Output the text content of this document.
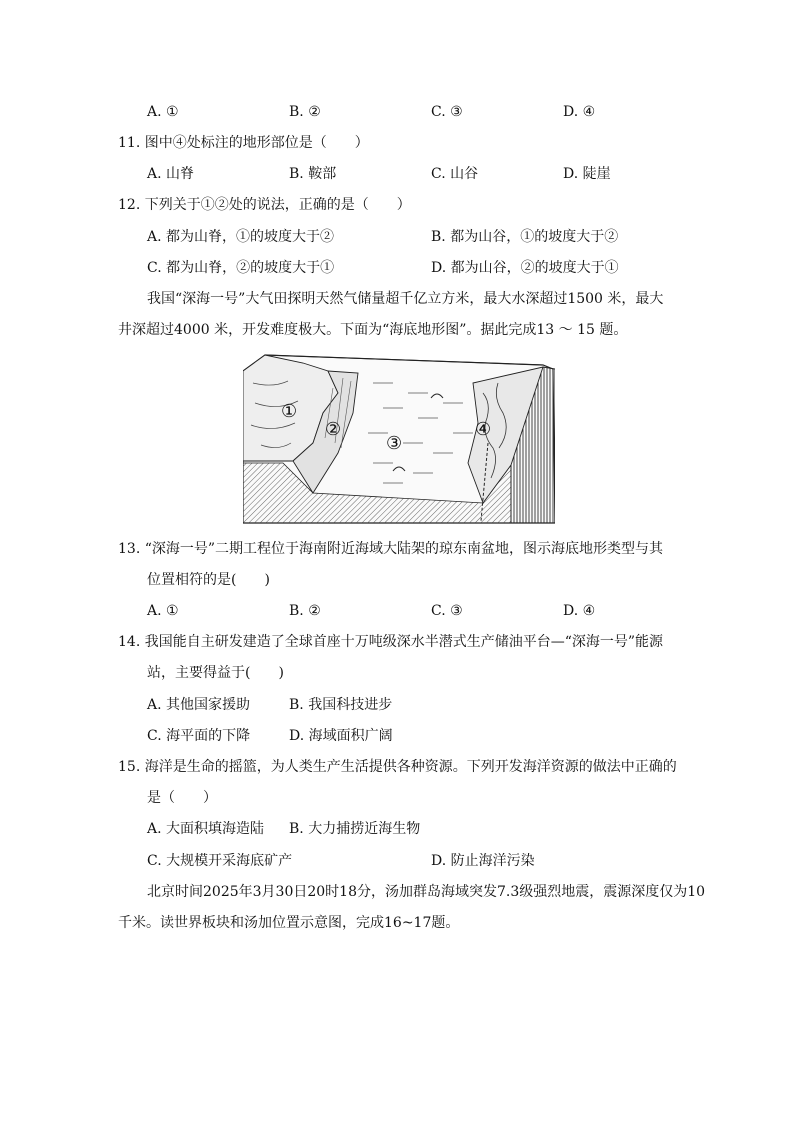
A. ①	B. ②	C. ③	D. ④
11. 图中④处标注的地形部位是（　　）
A. 山脊	B. 鞍部	C. 山谷	D. 陡崖
12. 下列关于①②处的说法，正确的是（　　）
A. 都为山脊，①的坡度大于②	B. 都为山谷，①的坡度大于②
C. 都为山脊，②的坡度大于①	D. 都为山谷，②的坡度大于①
我国“深海一号”大气田探明天然气储量超千亿立方米，最大水深超过1500 米，最大
井深超过4000 米，开发难度极大。下面为“海底地形图”。据此完成13 ～ 15 题。
①
②
③
④
13. “深海一号”二期工程位于海南附近海域大陆架的琼东南盆地，图示海底地形类型与其
位置相符的是(　　)
A. ①	B. ②	C. ③	D. ④
14. 我国能自主研发建造了全球首座十万吨级深水半潜式生产储油平台—“深海一号”能源
站，主要得益于(　　)
A. 其他国家援助	B. 我国科技进步
C. 海平面的下降	D. 海域面积广阔
15. 海洋是生命的摇篮，为人类生产生活提供各种资源。下列开发海洋资源的做法中正确的
是（　　）
A. 大面积填海造陆 B. 大力捕捞近海生物
C. 大规模开采海底矿产	D. 防止海洋污染
北京时间2025年3月30日20时18分，汤加群岛海域突发7.3级强烈地震，震源深度仅为10
千米。读世界板块和汤加位置示意图，完成16~17题。
